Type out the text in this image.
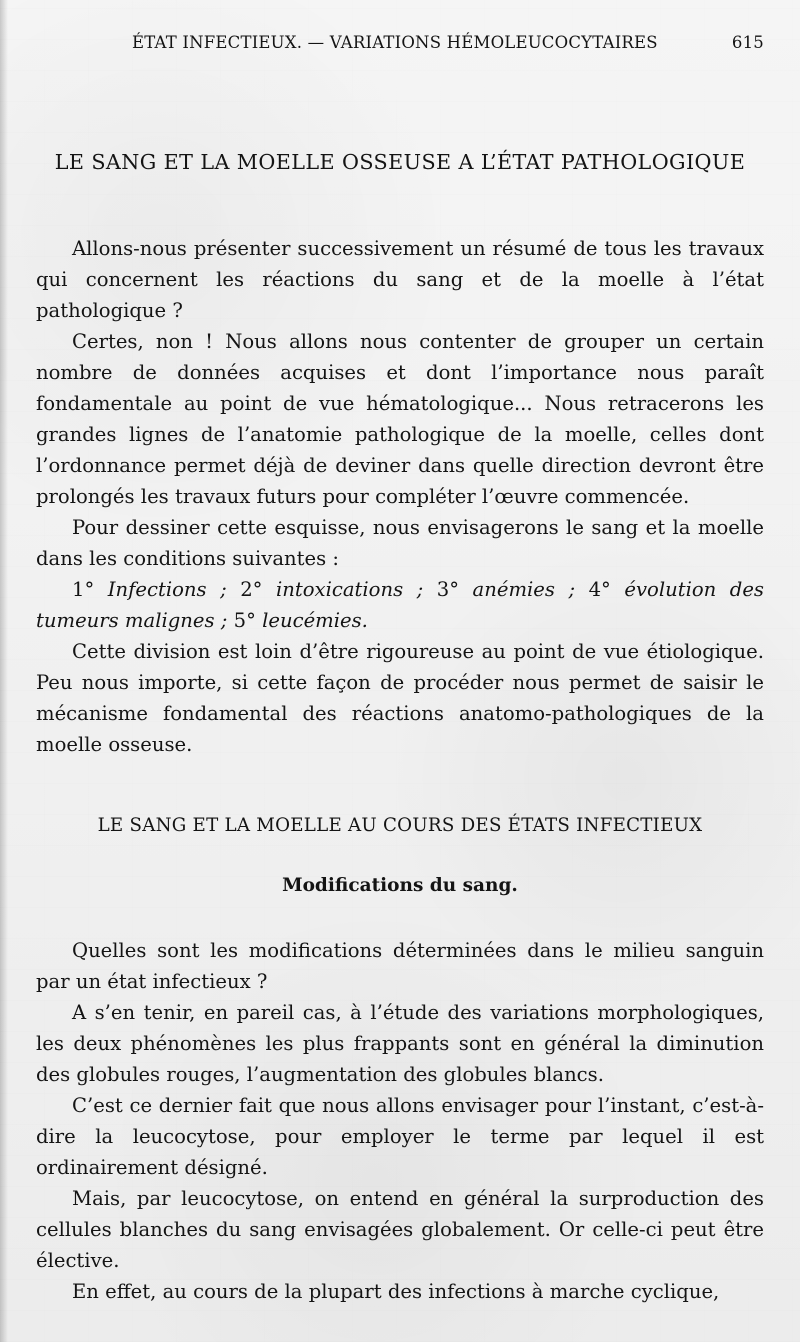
ÉTAT INFECTIEUX. — VARIATIONS HÉMOLEUCOCYTAIRES	615
LE SANG ET LA MOELLE OSSEUSE A L’ÉTAT PATHOLOGIQUE

Allons-nous présenter successivement un résumé de tous les travaux qui concernent les réactions du sang et de la moelle à l’état pathologique ?

Certes, non ! Nous allons nous contenter de grouper un certain nombre de données acquises et dont l’importance nous paraît fondamentale au point de vue hématologique... Nous retracerons les grandes lignes de l’anatomie pathologique de la moelle, celles dont l’ordonnance permet déjà de deviner dans quelle direction devront être prolongés les travaux futurs pour compléter l’œuvre commencée.

Pour dessiner cette esquisse, nous envisagerons le sang et la moelle dans les conditions suivantes :

1° Infections ; 2° intoxications ; 3° anémies ; 4° évolution des tumeurs malignes ; 5° leucémies.

Cette division est loin d’être rigoureuse au point de vue étiologique. Peu nous importe, si cette façon de procéder nous permet de saisir le mécanisme fondamental des réactions anatomo-pathologiques de la moelle osseuse.

LE SANG ET LA MOELLE AU COURS DES ÉTATS INFECTIEUX
Modifications du sang.

Quelles sont les modifications déterminées dans le milieu sanguin par un état infectieux ?

A s’en tenir, en pareil cas, à l’étude des variations morphologiques, les deux phénomènes les plus frappants sont en général la diminution des globules rouges, l’augmentation des globules blancs.

C’est ce dernier fait que nous allons envisager pour l’instant, c’est-à-dire la leucocytose, pour employer le terme par lequel il est ordinairement désigné.

Mais, par leucocytose, on entend en général la surproduction des cellules blanches du sang envisagées globalement. Or celle-ci peut être élective.

En effet, au cours de la plupart des infections à marche cyclique,
